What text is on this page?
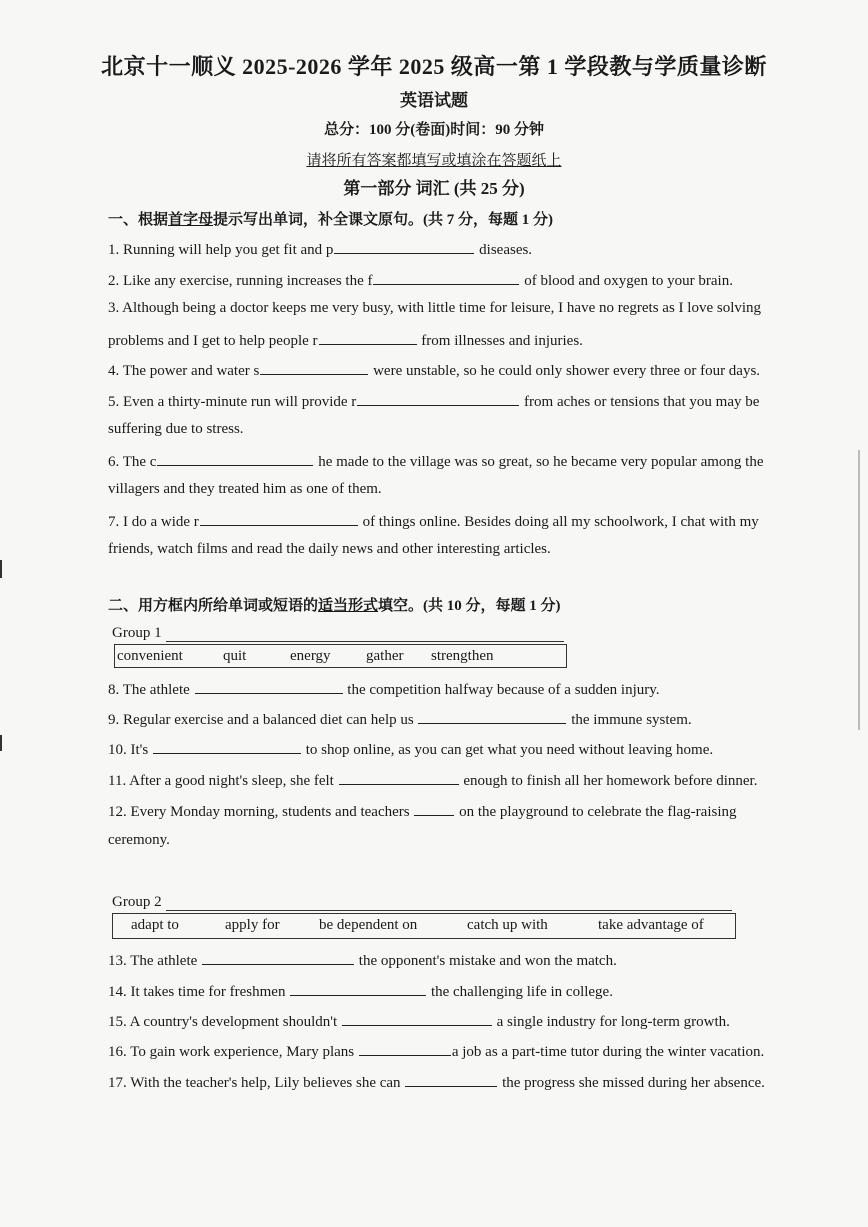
北京十一顺义 2025-2026 学年 2025 级高一第 1 学段教与学质量诊断
英语试题
总分：100 分(卷面)时间：90 分钟
请将所有答案都填写或填涂在答题纸上
第一部分 词汇 (共 25 分)
一、根据首字母提示写出单词，补全课文原句。(共 7 分，每题 1 分)
1. Running will help you get fit and p	diseases.
2. Like any exercise, running increases the f	of blood and oxygen to your brain.
3. Although being a doctor keeps me very busy, with little time for leisure, I have no regrets as I love solving
problems and I get to help people r	from illnesses and injuries.
4. The power and water s	were unstable, so he could only shower every three or four days.
5. Even a thirty-minute run will provide r	from aches or tensions that you may be
suffering due to stress.
6. The c	he made to the village was so great, so he became very popular among the
villagers and they treated him as one of them.
7. I do a wide r	of things online. Besides doing all my schoolwork, I chat with my
friends, watch films and read the daily news and other interesting articles.
二、用方框内所给单词或短语的适当形式填空。(共 10 分，每题 1 分)
Group 1
convenient	quit	energy gather strengthen
8. The athlete	the competition halfway because of a sudden injury.
9. Regular exercise and a balanced diet can help us	the immune system.
10. It's	to shop online, as you can get what you need without leaving home.
11. After a good night's sleep, she felt	enough to finish all her homework before dinner.
12. Every Monday morning, students and teachers	on the playground to celebrate the flag-raising
ceremony.
Group 2
adapt to	apply for	be dependent on	catch up with	take advantage of
13. The athlete	the opponent's mistake and won the match.
14. It takes time for freshmen	the challenging life in college.
15. A country's development shouldn't	a single industry for long-term growth.
16. To gain work experience, Mary plans	a job as a part-time tutor during the winter vacation.
17. With the teacher's help, Lily believes she can	the progress she missed during her absence.
